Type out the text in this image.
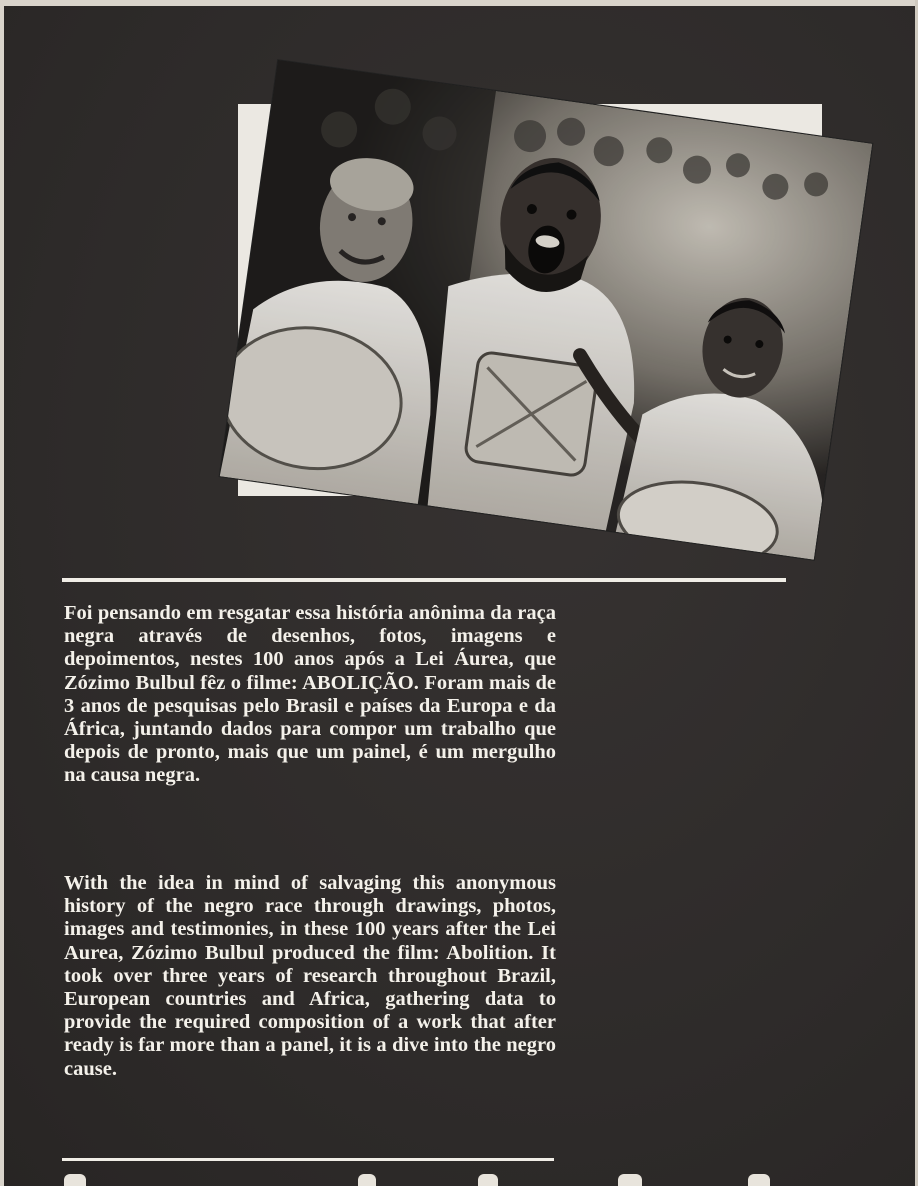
Foi pensando em resgatar essa história anônima da raça negra através de desenhos, fotos, imagens e depoimentos, nestes 100 anos após a Lei Áurea, que Zózimo Bulbul fêz o filme: ABOLIÇÃO. Foram mais de 3 anos de pesquisas pelo Brasil e países da Europa e da África, juntando dados para compor um trabalho que depois de pronto, mais que um painel, é um mergulho na causa negra.

With the idea in mind of salvaging this anonymous history of the negro race through drawings, photos, images and testimonies, in these 100 years after the Lei Aurea, Zózimo Bulbul produced the film: Abolition. It took over three years of research throughout Brazil, European countries and Africa, gathering data to provide the required composition of a work that after ready is far more than a panel, it is a dive into the negro cause.
